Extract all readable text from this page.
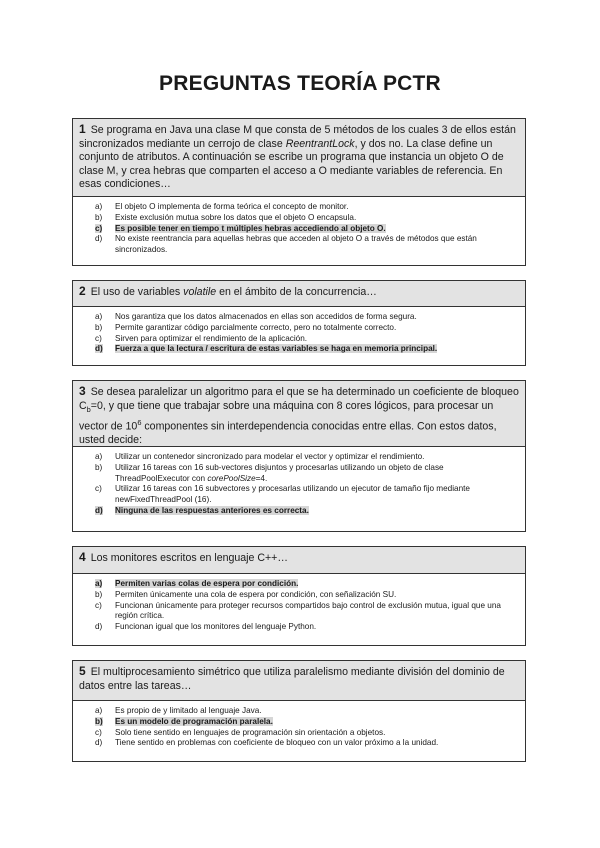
PREGUNTAS TEORÍA PCTR
1 Se programa en Java una clase M que consta de 5 métodos de los cuales 3 de ellos están sincronizados mediante un cerrojo de clase ReentrantLock, y dos no. La clase define un conjunto de atributos. A continuación se escribe un programa que instancia un objeto O de clase M, y crea hebras que comparten el acceso a O mediante variables de referencia. En esas condiciones…
a)	El objeto O implementa de forma teórica el concepto de monitor.
b)	Existe exclusión mutua sobre los datos que el objeto O encapsula.
c)	Es posible tener en tiempo t múltiples hebras accediendo al objeto O.
d)	No existe reentrancia para aquellas hebras que acceden al objeto O a través de métodos que están sincronizados.
2 El uso de variables volatile en el ámbito de la concurrencia…
a)	Nos garantiza que los datos almacenados en ellas son accedidos de forma segura.
b)	Permite garantizar código parcialmente correcto, pero no totalmente correcto.
c)	Sirven para optimizar el rendimiento de la aplicación.
d)	Fuerza a que la lectura / escritura de estas variables se haga en memoria principal.
3 Se desea paralelizar un algoritmo para el que se ha determinado un coeficiente de bloqueo $C_b=0$, y que tiene que trabajar sobre una máquina con 8 cores lógicos, para procesar un vector de $10^6$ componentes sin interdependencia conocidas entre ellas. Con estos datos, usted decide:
a)	Utilizar un contenedor sincronizado para modelar el vector y optimizar el rendimiento.
b)	Utilizar 16 tareas con 16 sub-vectores disjuntos y procesarlas utilizando un objeto de clase ThreadPoolExecutor con corePoolSize=4.
c)	Utilizar 16 tareas con 16 subvectores y procesarlas utilizando un ejecutor de tamaño fijo mediante newFixedThreadPool (16).
d)	Ninguna de las respuestas anteriores es correcta.
4 Los monitores escritos en lenguaje C++…
a)	Permiten varias colas de espera por condición.
b)	Permiten únicamente una cola de espera por condición, con señalización SU.
c)	Funcionan únicamente para proteger recursos compartidos bajo control de exclusión mutua, igual que una región crítica.
d)	Funcionan igual que los monitores del lenguaje Python.
5 El multiprocesamiento simétrico que utiliza paralelismo mediante división del dominio de datos entre las tareas…
a)	Es propio de y limitado al lenguaje Java.
b)	Es un modelo de programación paralela.
c)	Solo tiene sentido en lenguajes de programación sin orientación a objetos.
d)	Tiene sentido en problemas con coeficiente de bloqueo con un valor próximo a la unidad.
